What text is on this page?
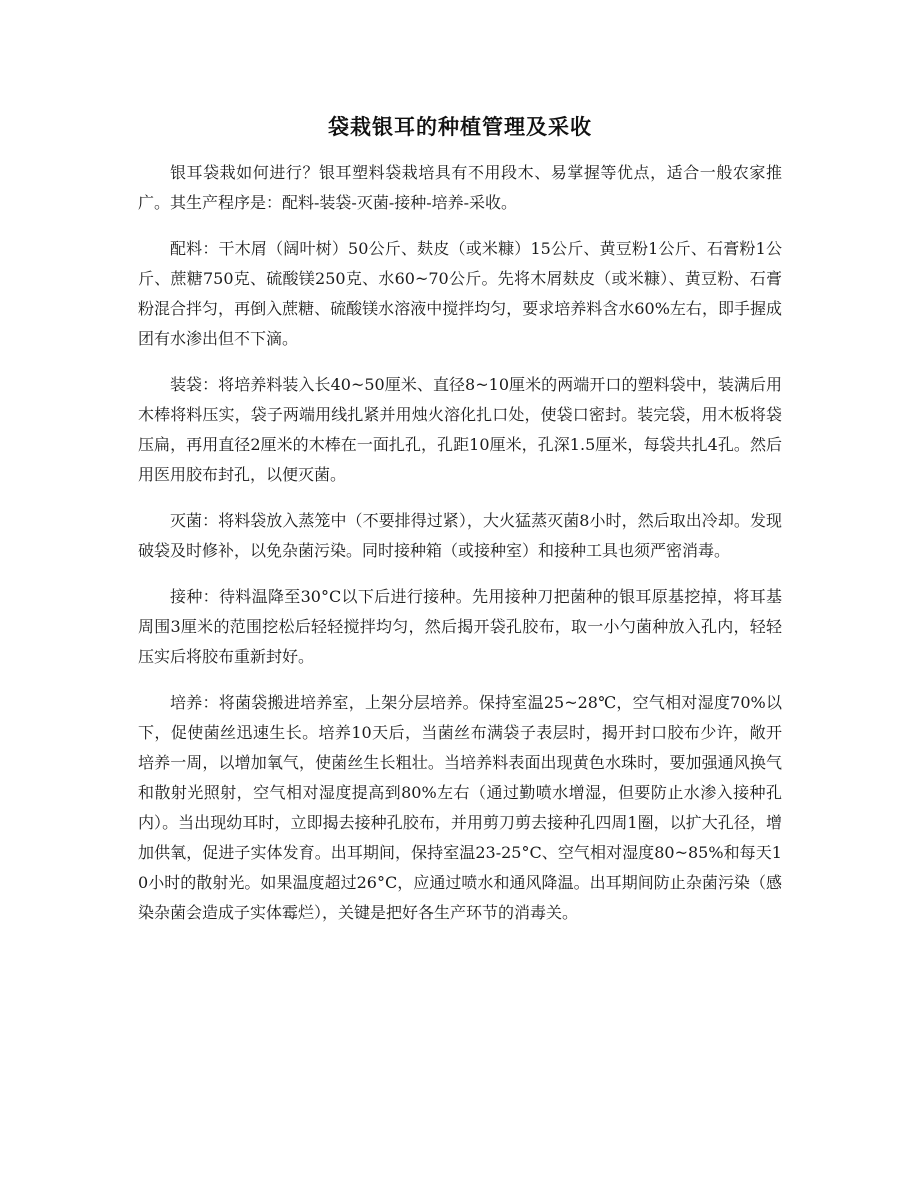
袋栽银耳的种植管理及采收

银耳袋栽如何进行？银耳塑料袋栽培具有不用段木、易掌握等优点，适合一般农家推广。其生产程序是：配料-装袋-灭菌-接种-培养-采收。

配料：干木屑（阔叶树）50公斤、麸皮（或米糠）15公斤、黄豆粉1公斤、石膏粉1公斤、蔗糖750克、硫酸镁250克、水60~70公斤。先将木屑麸皮（或米糠）、黄豆粉、石膏粉混合拌匀，再倒入蔗糖、硫酸镁水溶液中搅拌均匀，要求培养料含水60%左右，即手握成团有水渗出但不下滴。

装袋：将培养料装入长40~50厘米、直径8~10厘米的两端开口的塑料袋中，装满后用木棒将料压实，袋子两端用线扎紧并用烛火溶化扎口处，使袋口密封。装完袋，用木板将袋压扁，再用直径2厘米的木棒在一面扎孔，孔距10厘米，孔深1.5厘米，每袋共扎4孔。然后用医用胶布封孔，以便灭菌。

灭菌：将料袋放入蒸笼中（不要排得过紧），大火猛蒸灭菌8小时，然后取出冷却。发现破袋及时修补，以免杂菌污染。同时接种箱（或接种室）和接种工具也须严密消毒。

接种：待料温降至30°C以下后进行接种。先用接种刀把菌种的银耳原基挖掉，将耳基周围3厘米的范围挖松后轻轻搅拌均匀，然后揭开袋孔胶布，取一小勺菌种放入孔内，轻轻压实后将胶布重新封好。

培养：将菌袋搬进培养室，上架分层培养。保持室温25~28℃，空气相对湿度70%以下，促使菌丝迅速生长。培养10天后，当菌丝布满袋子表层时，揭开封口胶布少许，敞开培养一周，以增加氧气，使菌丝生长粗壮。当培养料表面出现黄色水珠时，要加强通风换气和散射光照射，空气相对湿度提高到80%左右（通过勤喷水增湿，但要防止水渗入接种孔内）。当出现幼耳时，立即揭去接种孔胶布，并用剪刀剪去接种孔四周1圈，以扩大孔径，增加供氧，促进子实体发育。出耳期间，保持室温23-25°C、空气相对湿度80~85%和每天10小时的散射光。如果温度超过26°C，应通过喷水和通风降温。出耳期间防止杂菌污染（感染杂菌会造成子实体霉烂），关键是把好各生产环节的消毒关。
